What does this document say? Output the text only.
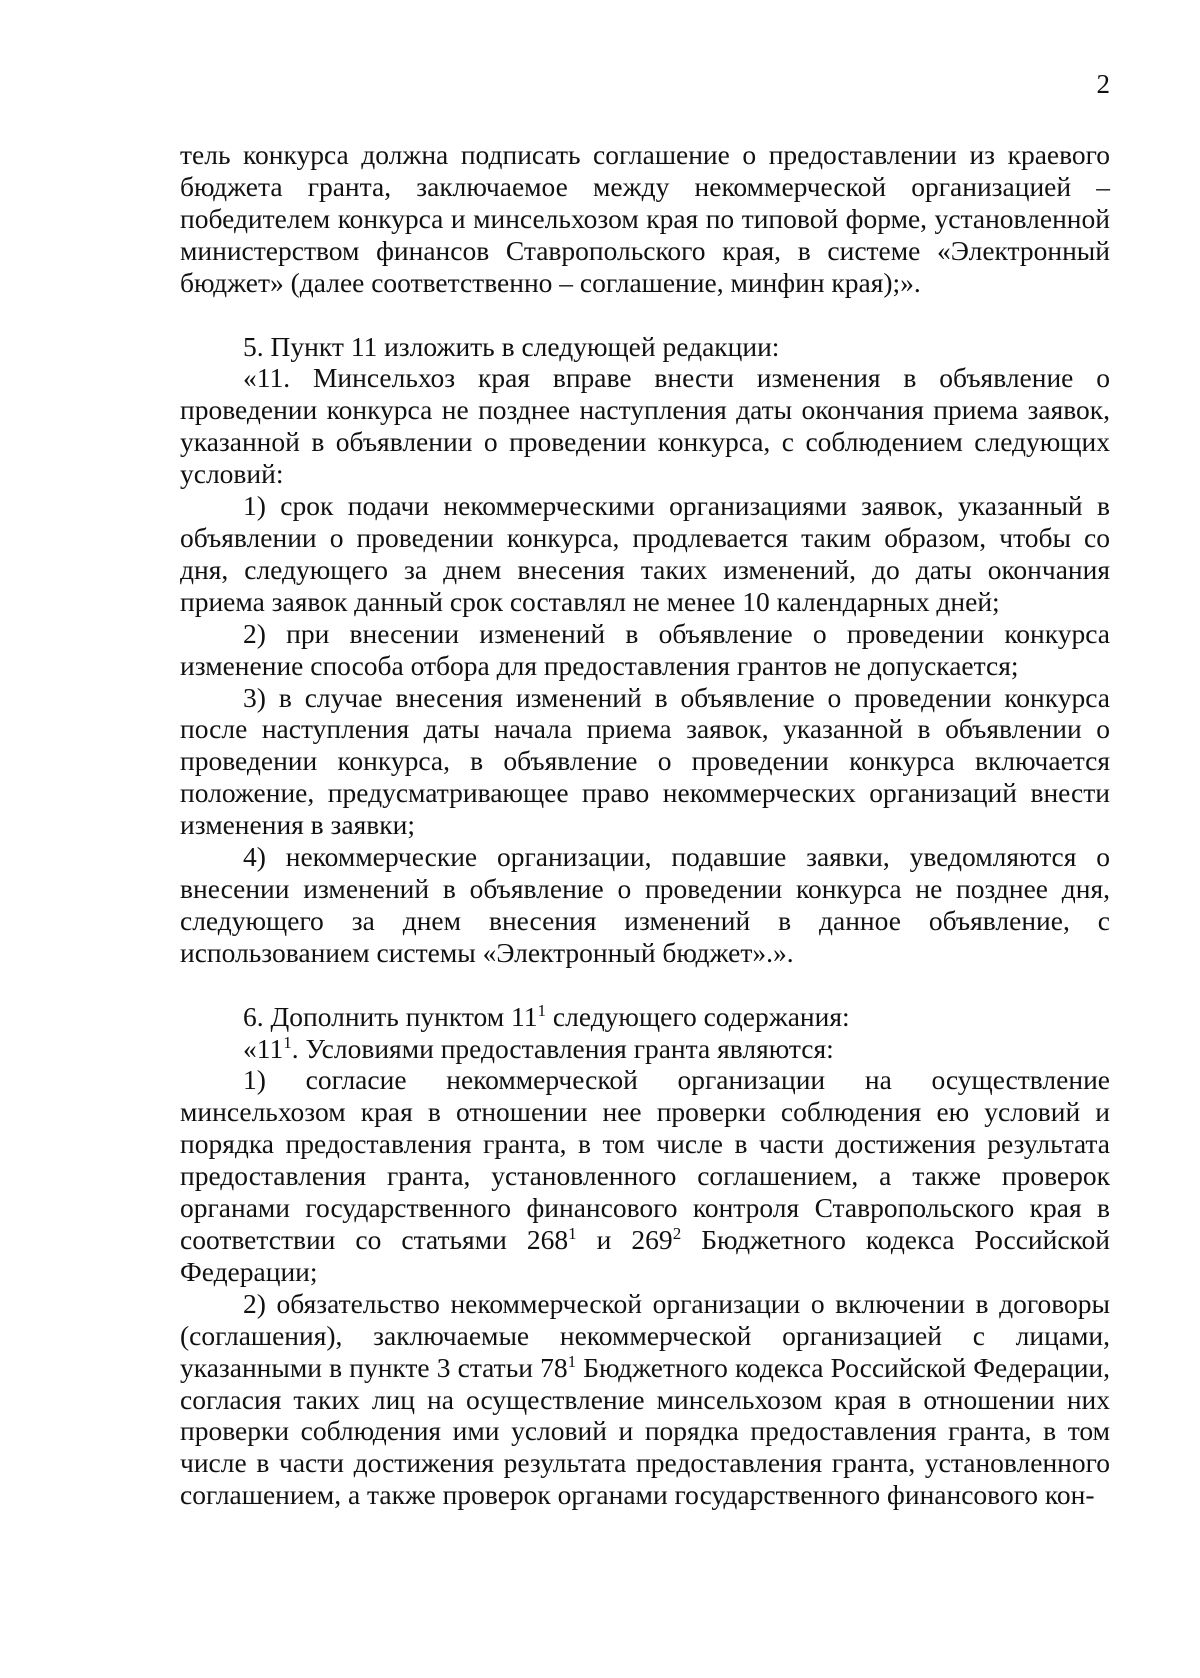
2

тель конкурса должна подписать соглашение о предоставлении из краевого бюджета гранта, заключаемое между некоммерческой организацией – победителем конкурса и минсельхозом края по типовой форме, установленной министерством финансов Ставропольского края, в системе «Электронный бюджет» (далее соответственно – соглашение, минфин края);».

5. Пункт 11 изложить в следующей редакции:

«11. Минсельхоз края вправе внести изменения в объявление о проведении конкурса не позднее наступления даты окончания приема заявок, указанной в объявлении о проведении конкурса, с соблюдением следующих условий:

1) срок подачи некоммерческими организациями заявок, указанный в объявлении о проведении конкурса, продлевается таким образом, чтобы со дня, следующего за днем внесения таких изменений, до даты окончания приема заявок данный срок составлял не менее 10 календарных дней;

2) при внесении изменений в объявление о проведении конкурса изменение способа отбора для предоставления грантов не допускается;

3) в случае внесения изменений в объявление о проведении конкурса после наступления даты начала приема заявок, указанной в объявлении о проведении конкурса, в объявление о проведении конкурса включается положение, предусматривающее право некоммерческих организаций внести изменения в заявки;

4) некоммерческие организации, подавшие заявки, уведомляются о внесении изменений в объявление о проведении конкурса не позднее дня, следующего за днем внесения изменений в данное объявление, с использованием системы «Электронный бюджет».».

6. Дополнить пунктом $11^1$ следующего содержания:

«$11^1$. Условиями предоставления гранта являются:

1) согласие некоммерческой организации на осуществление минсельхозом края в отношении нее проверки соблюдения ею условий и порядка предоставления гранта, в том числе в части достижения результата предоставления гранта, установленного соглашением, а также проверок органами государственного финансового контроля Ставропольского края в соответствии со статьями $268^1$ и $269^2$ Бюджетного кодекса Российской Федерации;

2) обязательство некоммерческой организации о включении в договоры (соглашения), заключаемые некоммерческой организацией с лицами, указанными в пункте 3 статьи $78^1$ Бюджетного кодекса Российской Федерации, согласия таких лиц на осуществление минсельхозом края в отношении них проверки соблюдения ими условий и порядка предоставления гранта, в том числе в части достижения результата предоставления гранта, установленного соглашением, а также проверок органами государственного финансового кон-
